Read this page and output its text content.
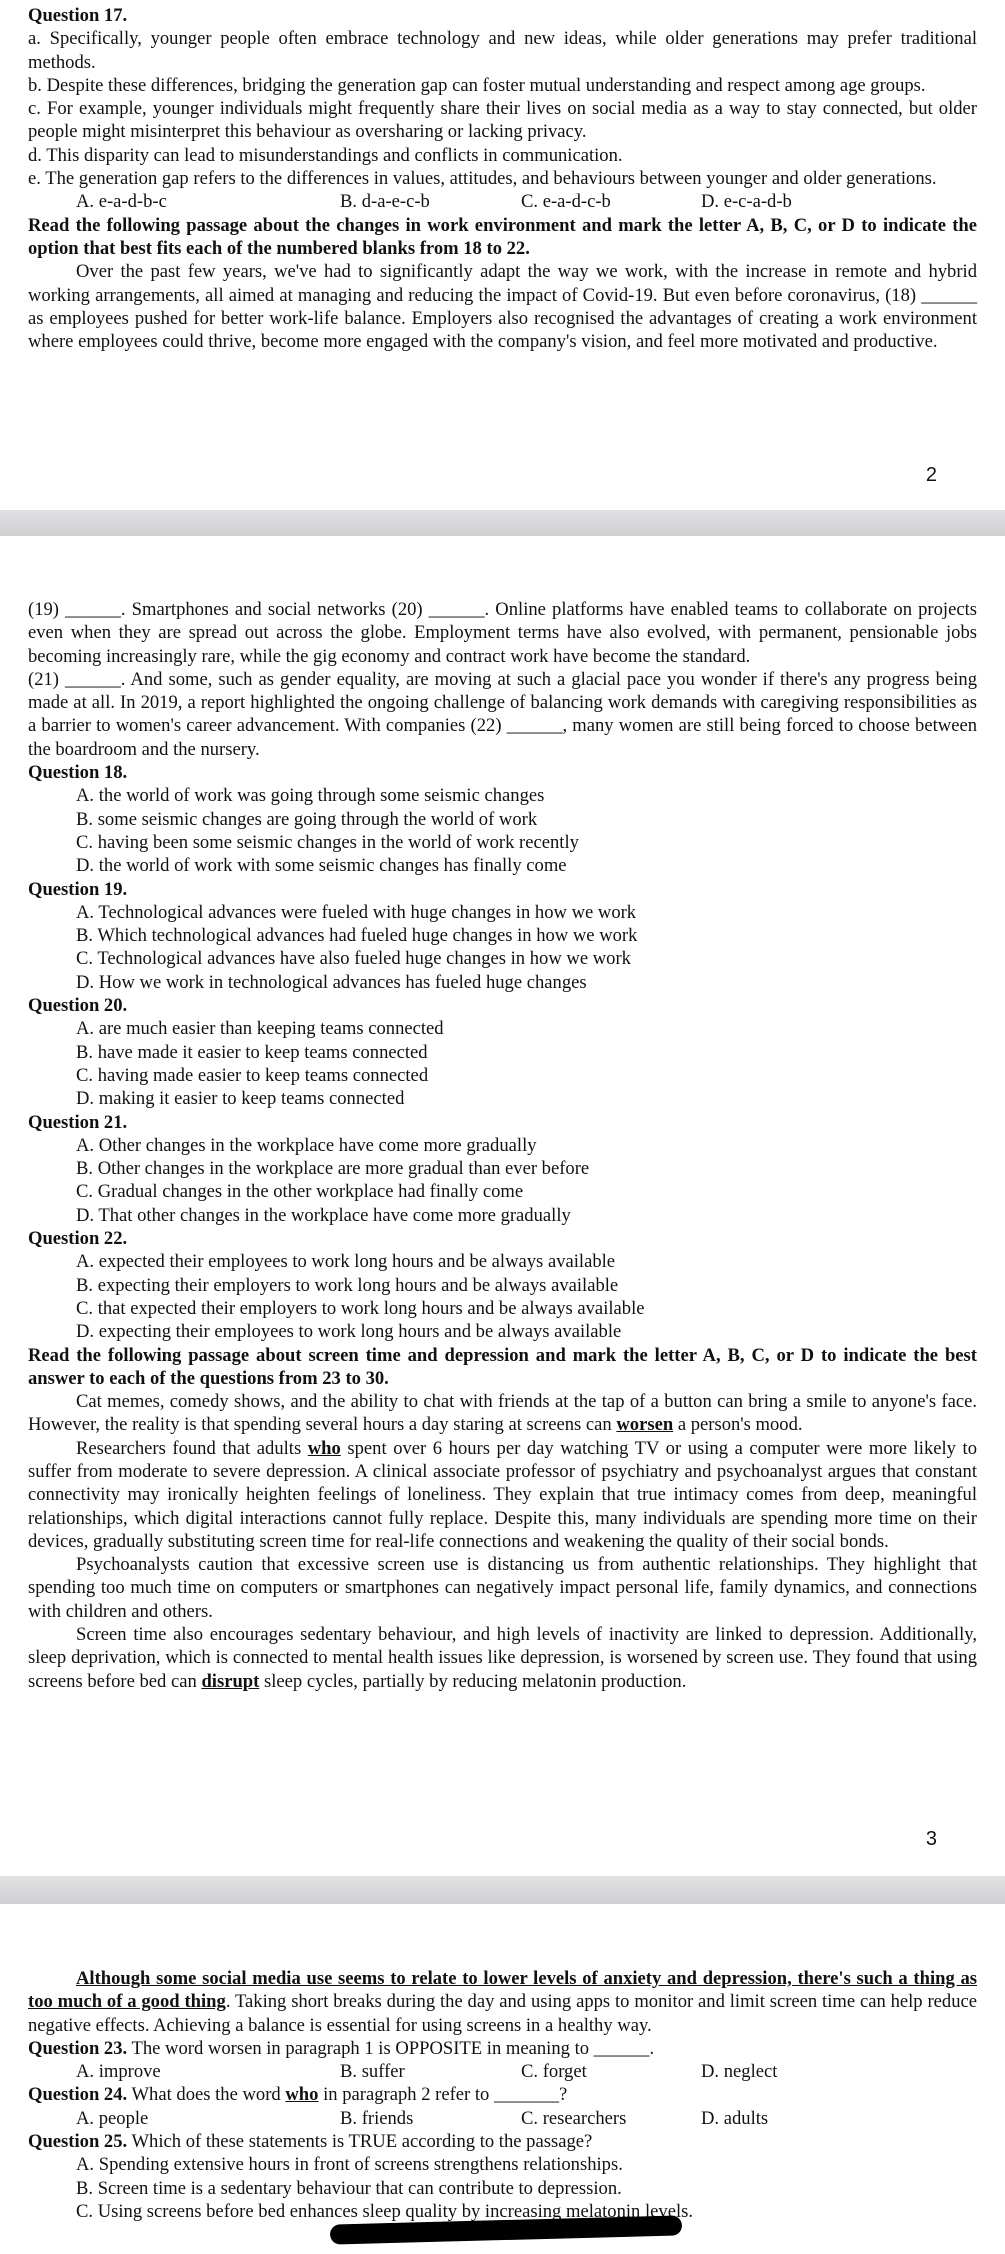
Question 17.
a. Specifically, younger people often embrace technology and new ideas, while older generations may prefer traditional methods.
b. Despite these differences, bridging the generation gap can foster mutual understanding and respect among age groups.
c. For example, younger individuals might frequently share their lives on social media as a way to stay connected, but older people might misinterpret this behaviour as oversharing or lacking privacy.
d. This disparity can lead to misunderstandings and conflicts in communication.
e. The generation gap refers to the differences in values, attitudes, and behaviours between younger and older generations.
A. e-a-d-b-c	B. d-a-e-c-b	C. e-a-d-c-b	D. e-c-a-d-b
Read the following passage about the changes in work environment and mark the letter A, B, C, or D to indicate the option that best fits each of the numbered blanks from 18 to 22.
Over the past few years, we've had to significantly adapt the way we work, with the increase in remote and hybrid working arrangements, all aimed at managing and reducing the impact of Covid-19. But even before coronavirus, (18) ______ as employees pushed for better work-life balance. Employers also recognised the advantages of creating a work environment where employees could thrive, become more engaged with the company's vision, and feel more motivated and productive.
2
(19) ______. Smartphones and social networks (20) ______. Online platforms have enabled teams to collaborate on projects even when they are spread out across the globe. Employment terms have also evolved, with permanent, pensionable jobs becoming increasingly rare, while the gig economy and contract work have become the standard.
(21) ______. And some, such as gender equality, are moving at such a glacial pace you wonder if there's any progress being made at all. In 2019, a report highlighted the ongoing challenge of balancing work demands with caregiving responsibilities as a barrier to women's career advancement. With companies (22) ______, many women are still being forced to choose between the boardroom and the nursery.
Question 18.
A. the world of work was going through some seismic changes
B. some seismic changes are going through the world of work
C. having been some seismic changes in the world of work recently
D. the world of work with some seismic changes has finally come
Question 19.
A. Technological advances were fueled with huge changes in how we work
B. Which technological advances had fueled huge changes in how we work
C. Technological advances have also fueled huge changes in how we work
D. How we work in technological advances has fueled huge changes
Question 20.
A. are much easier than keeping teams connected
B. have made it easier to keep teams connected
C. having made easier to keep teams connected
D. making it easier to keep teams connected
Question 21.
A. Other changes in the workplace have come more gradually
B. Other changes in the workplace are more gradual than ever before
C. Gradual changes in the other workplace had finally come
D. That other changes in the workplace have come more gradually
Question 22.
A. expected their employees to work long hours and be always available
B. expecting their employers to work long hours and be always available
C. that expected their employers to work long hours and be always available
D. expecting their employees to work long hours and be always available
Read the following passage about screen time and depression and mark the letter A, B, C, or D to indicate the best answer to each of the questions from 23 to 30.
Cat memes, comedy shows, and the ability to chat with friends at the tap of a button can bring a smile to anyone's face. However, the reality is that spending several hours a day staring at screens can worsen a person's mood.
Researchers found that adults who spent over 6 hours per day watching TV or using a computer were more likely to suffer from moderate to severe depression. A clinical associate professor of psychiatry and psychoanalyst argues that constant connectivity may ironically heighten feelings of loneliness. They explain that true intimacy comes from deep, meaningful relationships, which digital interactions cannot fully replace. Despite this, many individuals are spending more time on their devices, gradually substituting screen time for real-life connections and weakening the quality of their social bonds.
Psychoanalysts caution that excessive screen use is distancing us from authentic relationships. They highlight that spending too much time on computers or smartphones can negatively impact personal life, family dynamics, and connections with children and others.
Screen time also encourages sedentary behaviour, and high levels of inactivity are linked to depression. Additionally, sleep deprivation, which is connected to mental health issues like depression, is worsened by screen use. They found that using screens before bed can disrupt sleep cycles, partially by reducing melatonin production.
3
Although some social media use seems to relate to lower levels of anxiety and depression, there's such a thing as too much of a good thing. Taking short breaks during the day and using apps to monitor and limit screen time can help reduce negative effects. Achieving a balance is essential for using screens in a healthy way.
Question 23. The word worsen in paragraph 1 is OPPOSITE in meaning to ______.
A. improve	B. suffer	C. forget	D. neglect
Question 24. What does the word who in paragraph 2 refer to _______?
A. people	B. friends	C. researchers	D. adults
Question 25. Which of these statements is TRUE according to the passage?
A. Spending extensive hours in front of screens strengthens relationships.
B. Screen time is a sedentary behaviour that can contribute to depression.
C. Using screens before bed enhances sleep quality by increasing melatonin levels.
